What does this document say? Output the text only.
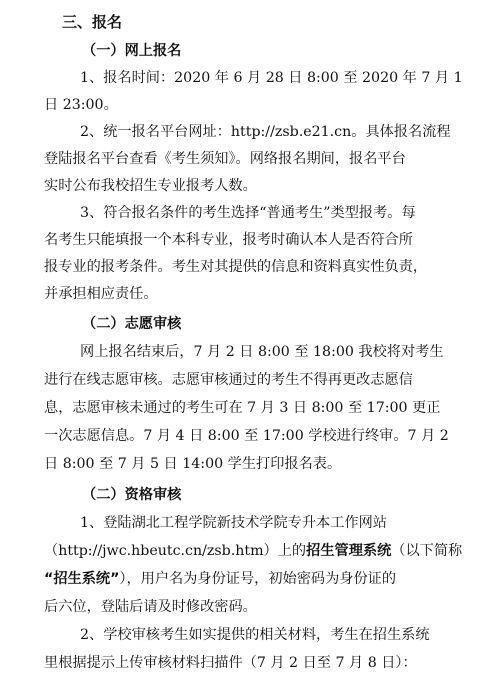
三、报名
（一）网上报名
1、报名时间：2020 年 6 月 28 日 8:00 至 2020 年 7 月 1
日 23:00。
2、统一报名平台网址：http://zsb.e21.cn。具体报名流程
登陆报名平台查看《考生须知》。网络报名期间，报名平台
实时公布我校招生专业报考人数。
3、符合报名条件的考生选择“普通考生”类型报考。每
名考生只能填报一个本科专业，报考时确认本人是否符合所
报专业的报考条件。考生对其提供的信息和资料真实性负责，
并承担相应责任。
（二）志愿审核
网上报名结束后，7 月 2 日 8:00 至 18:00 我校将对考生
进行在线志愿审核。志愿审核通过的考生不得再更改志愿信
息，志愿审核未通过的考生可在 7 月 3 日 8:00 至 17:00 更正
一次志愿信息。7 月 4 日 8:00 至 17:00 学校进行终审。7 月 2
日 8:00 至 7 月 5 日 14:00 学生打印报名表。
（二）资格审核
1、登陆湖北工程学院新技术学院专升本工作网站
（http://jwc.hbeutc.cn/zsb.htm）上的招生管理系统（以下简称
“招生系统”），用户名为身份证号，初始密码为身份证的
后六位，登陆后请及时修改密码。
2、学校审核考生如实提供的相关材料，考生在招生系统
里根据提示上传审核材料扫描件（7 月 2 日至 7 月 8 日）：
